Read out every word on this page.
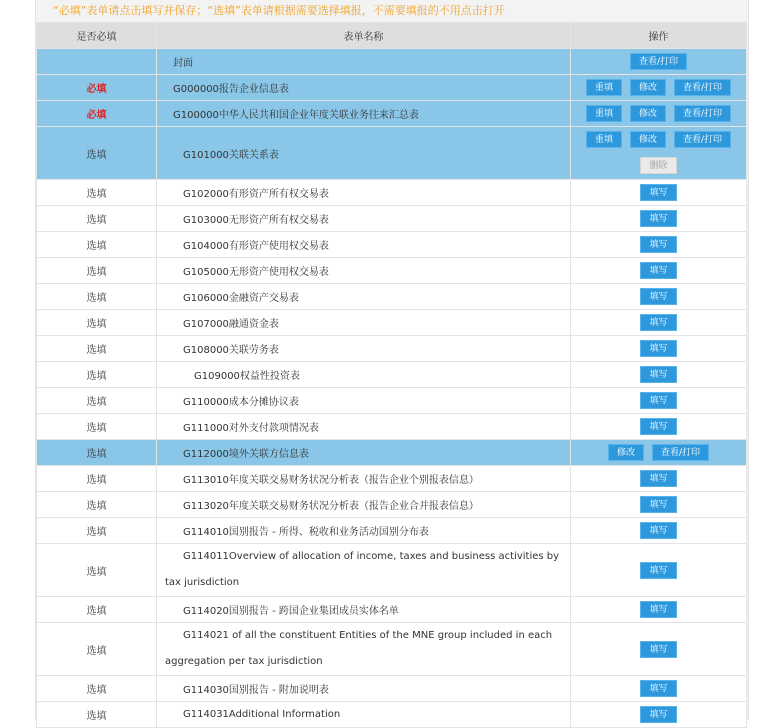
“必填”表单请点击填写并保存；“选填”表单请根据需要选择填报，不需要填报的不用点击打开
是否必填	表单名称	操作
	封面	查看/打印
必填	G000000报告企业信息表	重填 修改 查看/打印
必填	G100000中华人民共和国企业年度关联业务往来汇总表	重填 修改 查看/打印
选填	G101000关联关系表	重填 修改 查看/打印
删除

选填	G102000有形资产所有权交易表	填写
选填	G103000无形资产所有权交易表	填写
选填	G104000有形资产使用权交易表	填写
选填	G105000无形资产使用权交易表	填写
选填	G106000金融资产交易表	填写
选填	G107000融通资金表	填写
选填	G108000关联劳务表	填写
选填	G109000权益性投资表	填写
选填	G110000成本分摊协议表	填写
选填	G111000对外支付款项情况表	填写
选填	G112000境外关联方信息表	修改 查看/打印
选填	G113010年度关联交易财务状况分析表（报告企业个别报表信息）	填写
选填	G113020年度关联交易财务状况分析表（报告企业合并报表信息）	填写
选填	G114010国别报告 - 所得、税收和业务活动国别分布表	填写
选填	G114011Overview of allocation of income, taxes and business activities by tax jurisdiction	填写
选填	G114020国别报告 - 跨国企业集团成员实体名单	填写
选填	G114021 of all the constituent Entities of the MNE group included in each aggregation per tax jurisdiction	填写
选填	G114030国别报告 - 附加说明表	填写
选填	G114031Additional Information	填写
